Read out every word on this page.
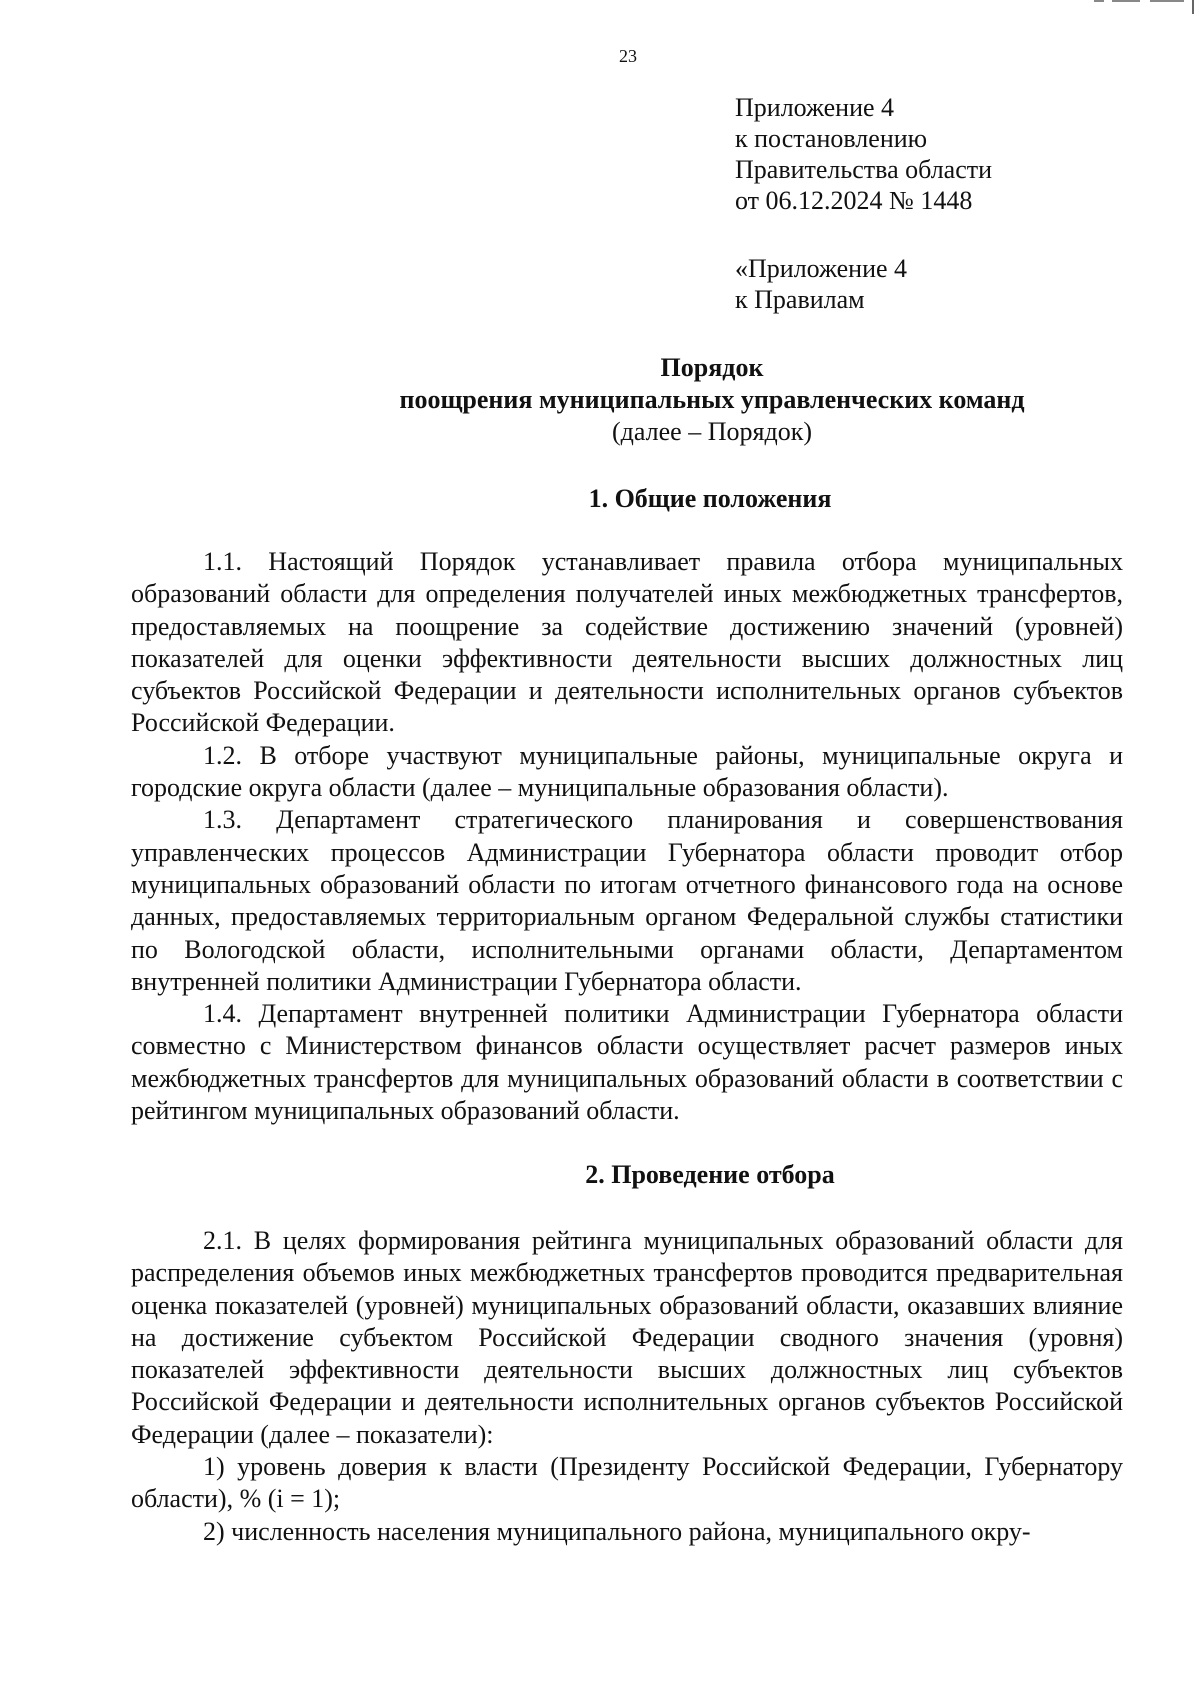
23
Приложение 4
к постановлению
Правительства области
от 06.12.2024 № 1448
«Приложение 4
к Правилам
Порядок
поощрения муниципальных управленческих команд
(далее – Порядок)
1. Общие положения

1.1. Настоящий Порядок устанавливает правила отбора муниципальных образований области для определения получателей иных межбюджетных трансфертов, предоставляемых на поощрение за содействие достижению значений (уровней) показателей для оценки эффективности деятельности высших должностных лиц субъектов Российской Федерации и деятельности исполнительных органов субъектов Российской Федерации.

1.2. В отборе участвуют муниципальные районы, муниципальные округа и городские округа области (далее – муниципальные образования области).

1.3. Департамент стратегического планирования и совершенствования управленческих процессов Администрации Губернатора области проводит отбор муниципальных образований области по итогам отчетного финансового года на основе данных, предоставляемых территориальным органом Федеральной службы статистики по Вологодской области, исполнительными органами области, Департаментом внутренней политики Администрации Губернатора области.

1.4. Департамент внутренней политики Администрации Губернатора области совместно с Министерством финансов области осуществляет расчет размеров иных межбюджетных трансфертов для муниципальных образований области в соответствии с рейтингом муниципальных образований области.

2. Проведение отбора

2.1. В целях формирования рейтинга муниципальных образований области для распределения объемов иных межбюджетных трансфертов проводится предварительная оценка показателей (уровней) муниципальных образований области, оказавших влияние на достижение субъектом Российской Федерации сводного значения (уровня) показателей эффективности деятельности высших должностных лиц субъектов Российской Федерации и деятельности исполнительных органов субъектов Российской Федерации (далее – показатели):

1) уровень доверия к власти (Президенту Российской Федерации, Губернатору области), % (i = 1);

2) численность населения муниципального района, муниципального окру-
